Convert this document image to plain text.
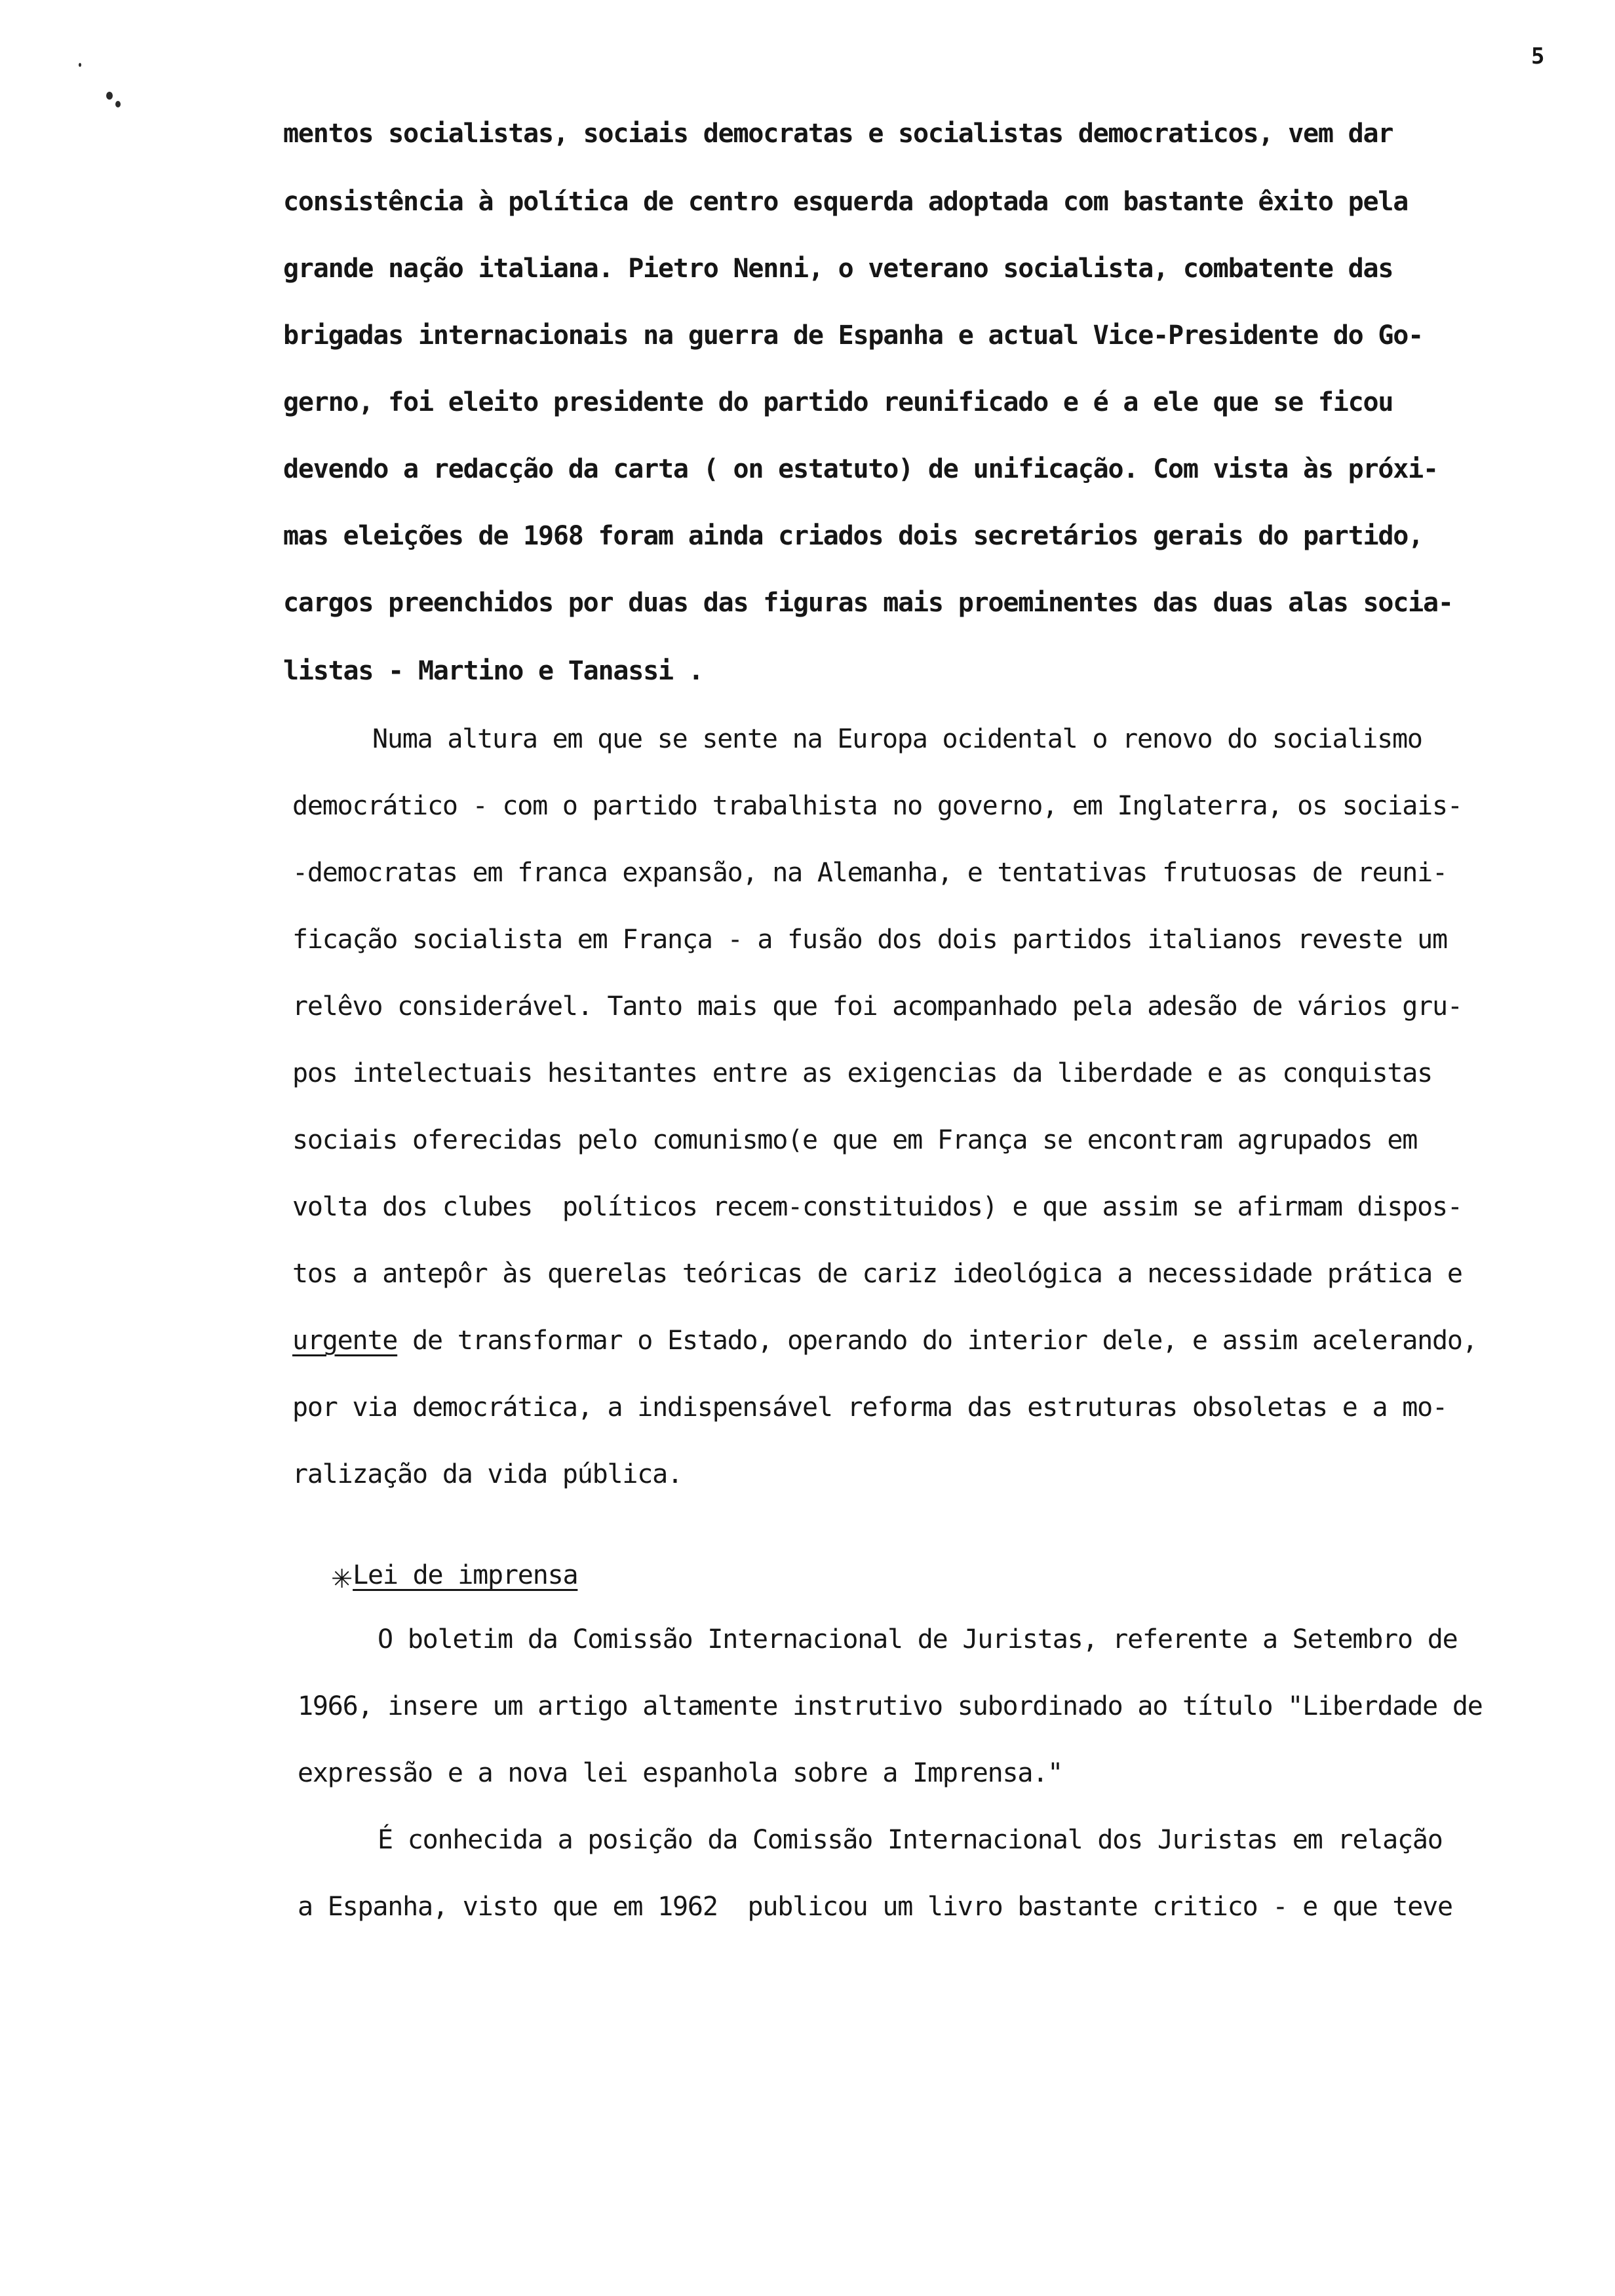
5
mentos socialistas, sociais democratas e socialistas democraticos, vem dar
consistência à política de centro esquerda adoptada com bastante êxito pela
grande nação italiana. Pietro Nenni, o veterano socialista, combatente das
brigadas internacionais na guerra de Espanha e actual Vice-Presidente do Go-
gerno, foi eleito presidente do partido reunificado e é a ele que se ficou
devendo a redacção da carta ( on estatuto) de unificação. Com vista às próxi-
mas eleições de 1968 foram ainda criados dois secretários gerais do partido,
cargos preenchidos por duas das figuras mais proeminentes das duas alas socia-
listas - Martino e Tanassi .
Numa altura em que se sente na Europa ocidental o renovo do socialismo
democrático - com o partido trabalhista no governo, em Inglaterra, os sociais-
-democratas em franca expansão, na Alemanha, e tentativas frutuosas de reuni-
ficação socialista em França - a fusão dos dois partidos italianos reveste um
relêvo considerável. Tanto mais que foi acompanhado pela adesão de vários gru-
pos intelectuais hesitantes entre as exigencias da liberdade e as conquistas
sociais oferecidas pelo comunismo(e que em França se encontram agrupados em
volta dos clubes  políticos recem-constituidos) e que assim se afirmam dispos-
tos a antepôr às querelas teóricas de cariz ideológica a necessidade prática e
urgente de transformar o Estado, operando do interior dele, e assim acelerando,
por via democrática, a indispensável reforma das estruturas obsoletas e a mo-
ralização da vida pública.
✳Lei de imprensa
O boletim da Comissão Internacional de Juristas, referente a Setembro de
1966, insere um artigo altamente instrutivo subordinado ao título "Liberdade de
expressão e a nova lei espanhola sobre a Imprensa."
É conhecida a posição da Comissão Internacional dos Juristas em relação
a Espanha, visto que em 1962  publicou um livro bastante critico - e que teve
